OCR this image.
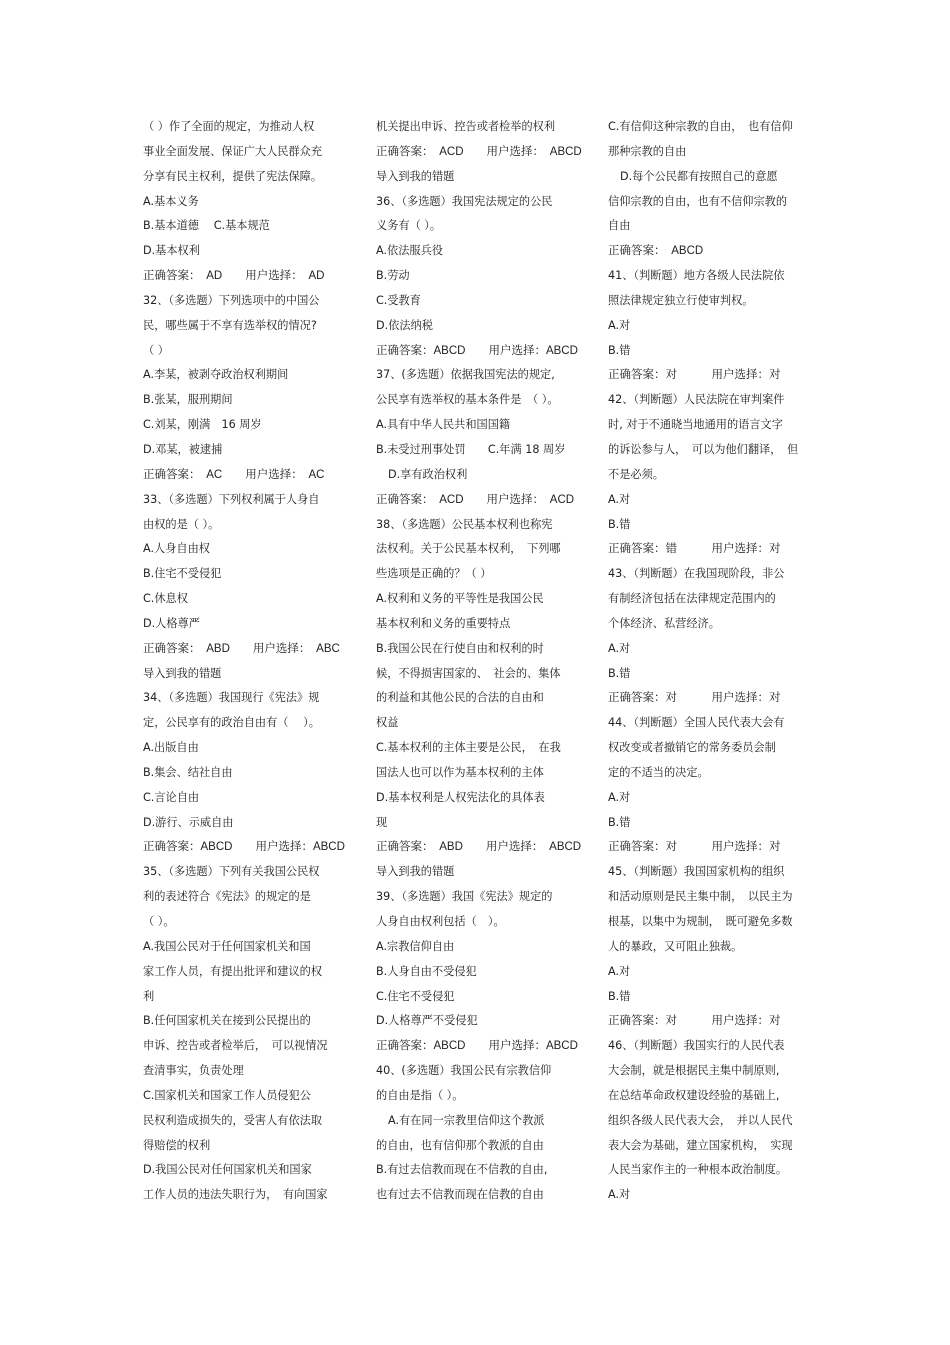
（ ）作了全面的规定，为推动人权
事业全面发展、保证广大人民群众充
分享有民主权利，提供了宪法保障。
A.基本义务
B.基本道德　 C.基本规范
D.基本权利
正确答案：　AD　　用户选择：　AD
32、（多选题）下列选项中的中国公
民，哪些属于不享有选举权的情况?
（ ）
A.李某，被剥夺政治权利期间
B.张某，服刑期间
C.刘某，刚满　16 周岁
D.邓某，被逮捕
正确答案：　AC　　用户选择：　AC
33、（多选题）下列权利属于人身自
由权的是（ ）。
A.人身自由权
B.住宅不受侵犯
C.休息权
D.人格尊严
正确答案：　ABD　　用户选择：　ABC
导入到我的错题
34、（多选题）我国现行《宪法》规
定，公民享有的政治自由有（　 ）。
A.出版自由
B.集会、结社自由
C.言论自由
D.游行、示威自由
正确答案：ABCD　　用户选择：ABCD
35、（多选题）下列有关我国公民权
利的表述符合《宪法》的规定的是
（ ）。
A.我国公民对于任何国家机关和国
家工作人员，有提出批评和建议的权
利
B.任何国家机关在接到公民提出的
申诉、控告或者检举后，　可以视情况
查清事实，负责处理
C.国家机关和国家工作人员侵犯公
民权利造成损失的，受害人有依法取
得赔偿的权利
D.我国公民对任何国家机关和国家
工作人员的违法失职行为，　有向国家
机关提出申诉、控告或者检举的权利
正确答案：　ACD　　用户选择：　ABCD
导入到我的错题
36、（多选题）我国宪法规定的公民
义务有（ ）。
A.依法服兵役
B.劳动
C.受教育
D.依法纳税
正确答案：ABCD　　用户选择：ABCD
37、(多选题）依据我国宪法的规定,
公民享有选举权的基本条件是　（ ）。
A.具有中华人民共和国国籍
B.未受过刑事处罚　　C.年满 18 周岁
D.享有政治权利
正确答案：　ACD　　用户选择：　ACD
38、（多选题）公民基本权利也称宪
法权利。关于公民基本权利，　下列哪
些选项是正确的？（ ）
A.权利和义务的平等性是我国公民
基本权利和义务的重要特点
B.我国公民在行使自由和权利的时
候，不得损害国家的、　社会的、集体
的利益和其他公民的合法的自由和
权益
C.基本权利的主体主要是公民，　在我
国法人也可以作为基本权利的主体
D.基本权利是人权宪法化的具体表
现
正确答案：　ABD　　用户选择：　ABCD
导入到我的错题
39、（多选题）我国《宪法》规定的
人身自由权利包括（　）。
A.宗教信仰自由
B.人身自由不受侵犯
C.住宅不受侵犯
D.人格尊严不受侵犯
正确答案：ABCD　　用户选择：ABCD
40、(多选题）我国公民有宗教信仰
的自由是指（ ）。
A.有在同一宗教里信仰这个教派
的自由，也有信仰那个教派的自由
B.有过去信教而现在不信教的自由,
也有过去不信教而现在信教的自由
C.有信仰这种宗教的自由，　也有信仰
那种宗教的自由
D.每个公民都有按照自己的意愿
信仰宗教的自由，也有不信仰宗教的
自由
正确答案：　ABCD
41、（判断题）地方各级人民法院依
照法律规定独立行使审判权。
A.对
B.错
正确答案：对　　　用户选择：对
42、（判断题）人民法院在审判案件
时, 对于不通晓当地通用的语言文字
的诉讼参与人，　可以为他们翻译，　但
不是必须。
A.对
B.错
正确答案：错　　　用户选择：对
43、（判断题）在我国现阶段，非公
有制经济包括在法律规定范围内的
个体经济、私营经济。
A.对
B.错
正确答案：对　　　用户选择：对
44、（判断题）全国人民代表大会有
权改变或者撤销它的常务委员会制
定的不适当的决定。
A.对
B.错
正确答案：对　　　用户选择：对
45、（判断题）我国国家机构的组织
和活动原则是民主集中制，　以民主为
根基，以集中为规制，　既可避免多数
人的暴政，又可阻止独裁。
A.对
B.错
正确答案：对　　　用户选择：对
46、（判断题）我国实行的人民代表
大会制，就是根据民主集中制原则,
在总结革命政权建设经验的基础上,
组织各级人民代表大会，　并以人民代
表大会为基础，建立国家机构，　实现
人民当家作主的一种根本政治制度。
A.对
